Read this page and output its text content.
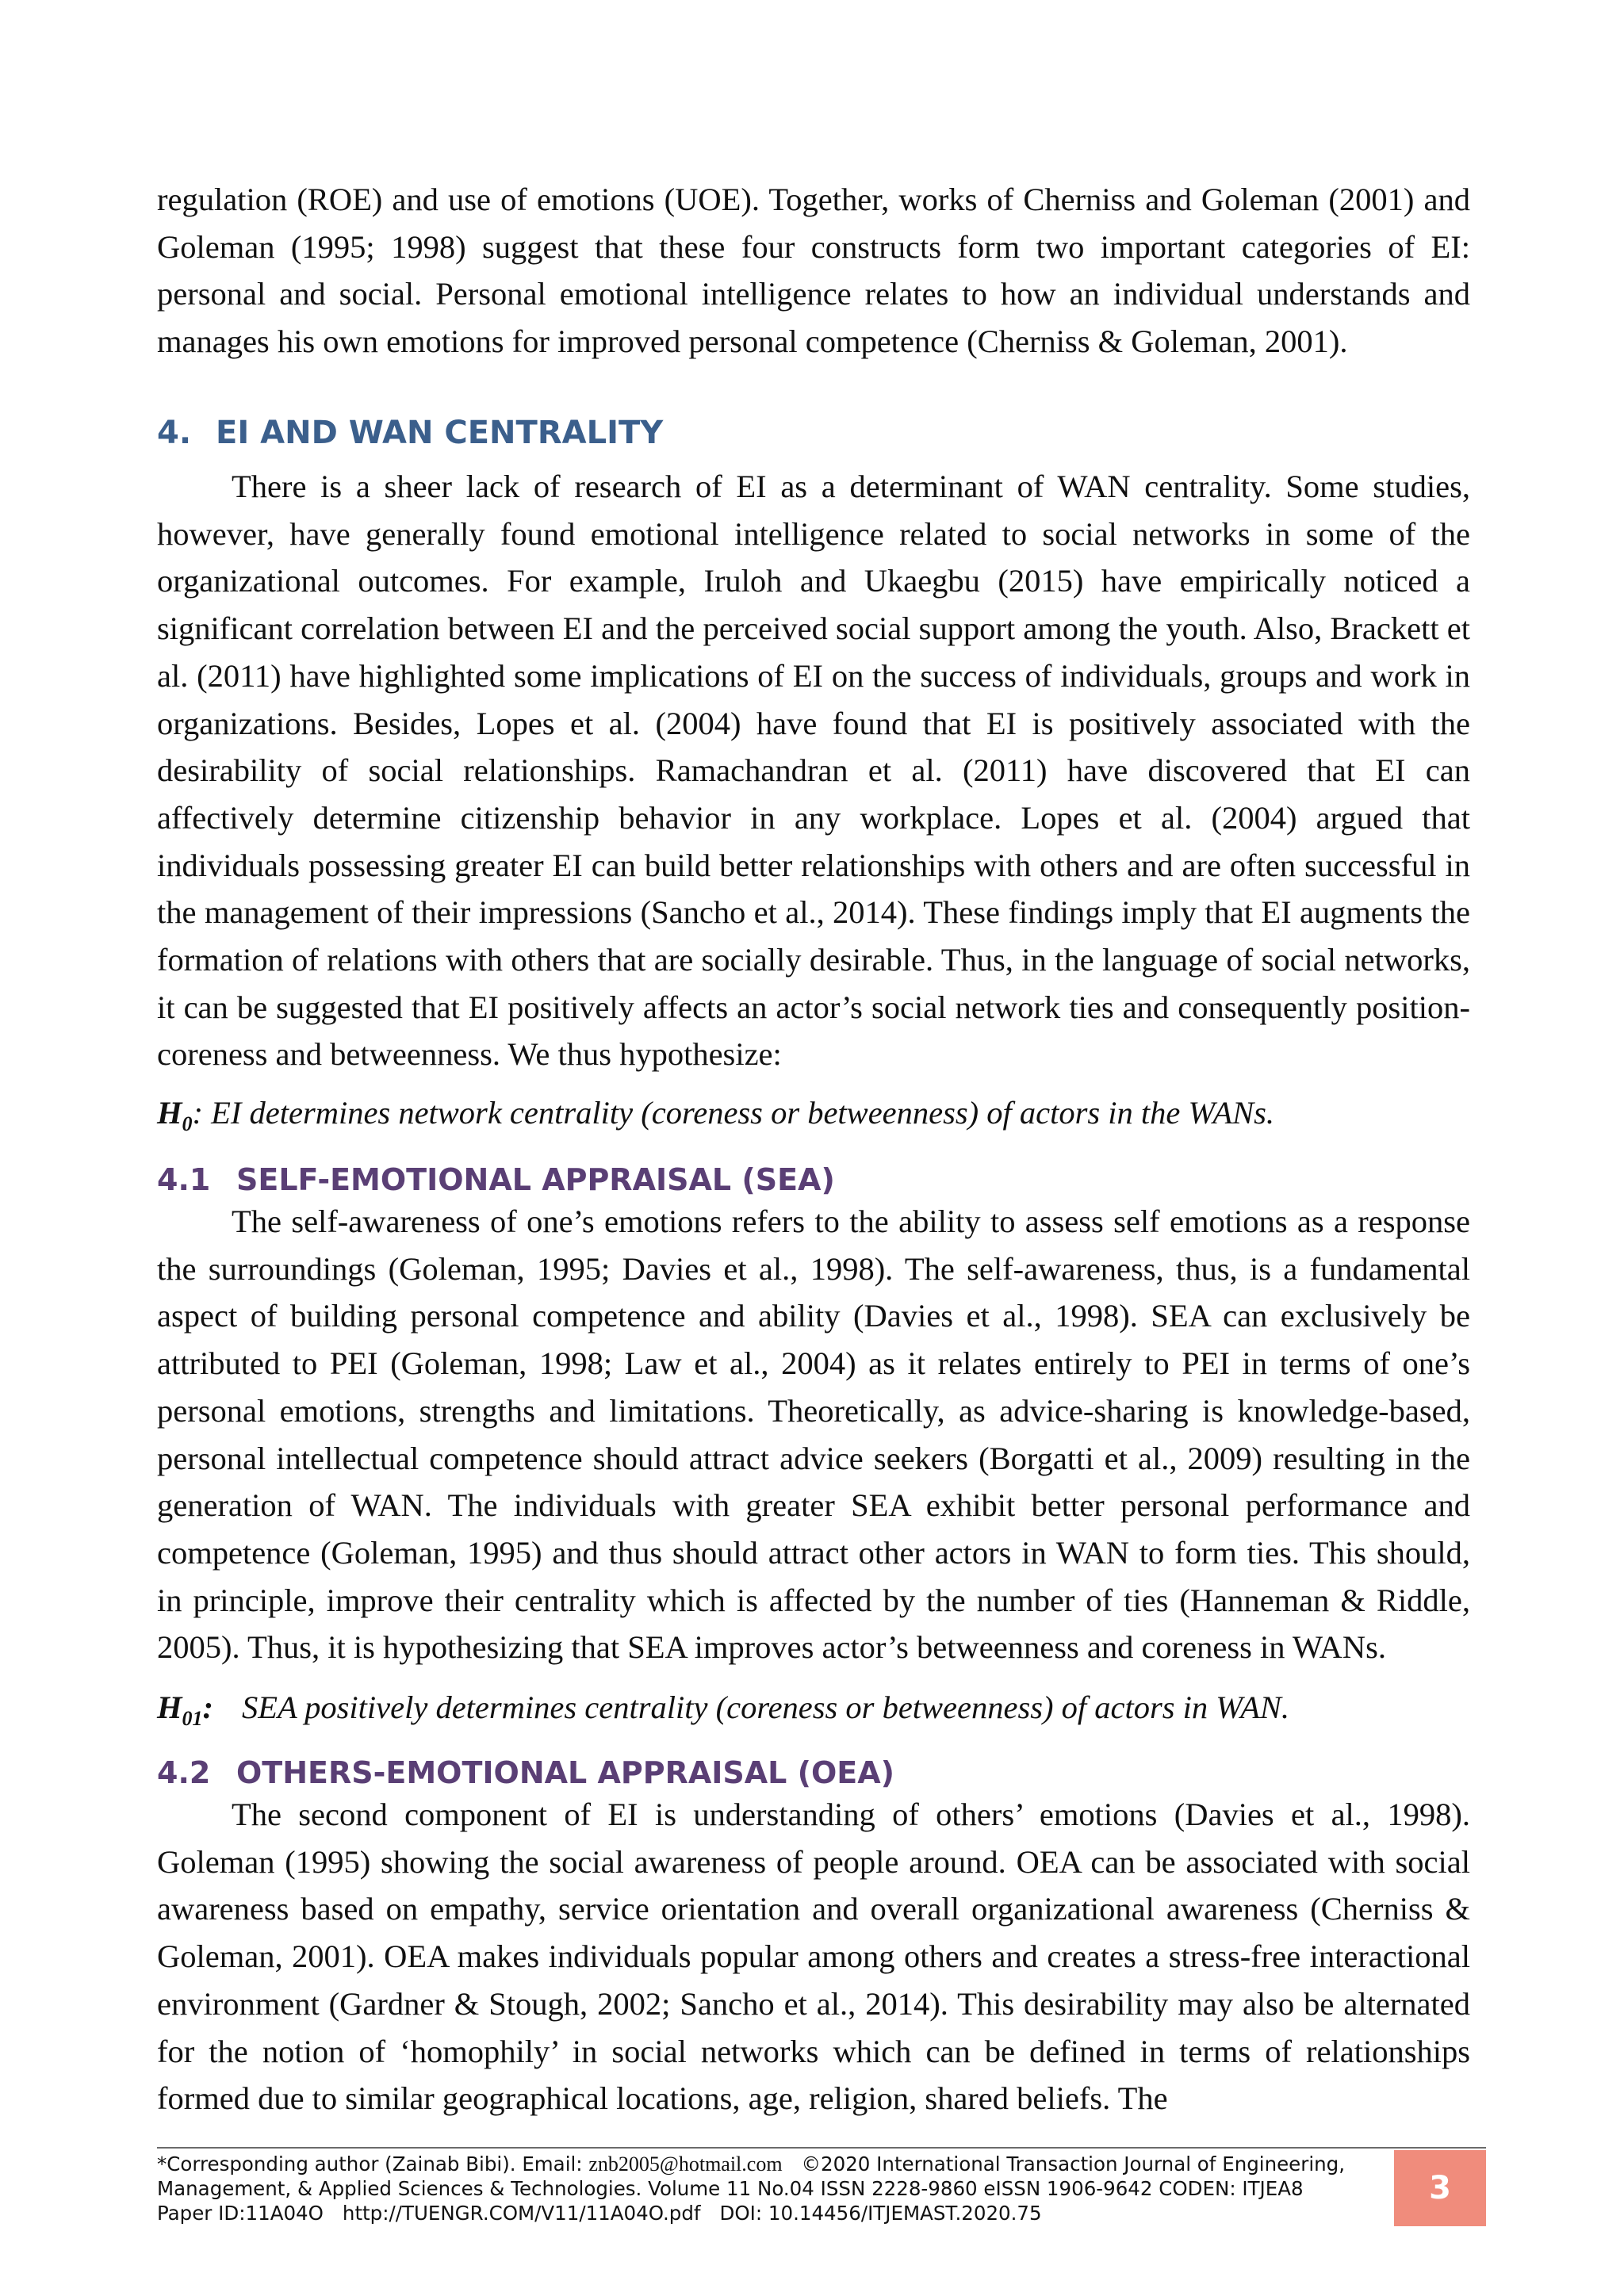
regulation (ROE) and use of emotions (UOE). Together, works of Cherniss and Goleman (2001) and Goleman (1995; 1998) suggest that these four constructs form two important categories of EI: personal and social. Personal emotional intelligence relates to how an individual understands and manages his own emotions for improved personal competence (Cherniss & Goleman, 2001).

4. EI AND WAN CENTRALITY

There is a sheer lack of research of EI as a determinant of WAN centrality. Some studies, however, have generally found emotional intelligence related to social networks in some of the organizational outcomes. For example, Iruloh and Ukaegbu (2015) have empirically noticed a significant correlation between EI and the perceived social support among the youth. Also, Brackett et al. (2011) have highlighted some implications of EI on the success of individuals, groups and work in organizations. Besides, Lopes et al. (2004) have found that EI is positively associated with the desirability of social relationships. Ramachandran et al. (2011) have discovered that EI can affectively determine citizenship behavior in any workplace. Lopes et al. (2004) argued that individuals possessing greater EI can build better relationships with others and are often successful in the management of their impressions (Sancho et al., 2014). These findings imply that EI augments the formation of relations with others that are socially desirable. Thus, in the language of social networks, it can be suggested that EI positively affects an actor’s social network ties and consequently position- coreness and betweenness. We thus hypothesize:

$H_0$: EI determines network centrality (coreness or betweenness) of actors in the WANs.
4.1 SELF-EMOTIONAL APPRAISAL (SEA)

The self-awareness of one’s emotions refers to the ability to assess self emotions as a response the surroundings (Goleman, 1995; Davies et al., 1998). The self-awareness, thus, is a fundamental aspect of building personal competence and ability (Davies et al., 1998). SEA can exclusively be attributed to PEI (Goleman, 1998; Law et al., 2004) as it relates entirely to PEI in terms of one’s personal emotions, strengths and limitations. Theoretically, as advice-sharing is knowledge-based, personal intellectual competence should attract advice seekers (Borgatti et al., 2009) resulting in the generation of WAN. The individuals with greater SEA exhibit better personal performance and competence (Goleman, 1995) and thus should attract other actors in WAN to form ties. This should, in principle, improve their centrality which is affected by the number of ties (Hanneman & Riddle, 2005). Thus, it is hypothesizing that SEA improves actor’s betweenness and coreness in WANs.

$H_{01}$: SEA positively determines centrality (coreness or betweenness) of actors in WAN.
4.2 OTHERS-EMOTIONAL APPRAISAL (OEA)

The second component of EI is understanding of others’ emotions (Davies et al., 1998). Goleman (1995) showing the social awareness of people around. OEA can be associated with social awareness based on empathy, service orientation and overall organizational awareness (Cherniss & Goleman, 2001). OEA makes individuals popular among others and creates a stress-free interactional environment (Gardner & Stough, 2002; Sancho et al., 2014). This desirability may also be alternated for the notion of ‘homophily’ in social networks which can be defined in terms of relationships formed due to similar geographical locations, age, religion, shared beliefs. The

*Corresponding author (Zainab Bibi). Email: znb2005@hotmail.com ©2020 International Transaction Journal of Engineering,
Management, & Applied Sciences & Technologies. Volume 11 No.04 ISSN 2228-9860 eISSN 1906-9642 CODEN: ITJEA8
Paper ID:11A04O http://TUENGR.COM/V11/11A04O.pdf DOI: 10.14456/ITJEMAST.2020.75
3
